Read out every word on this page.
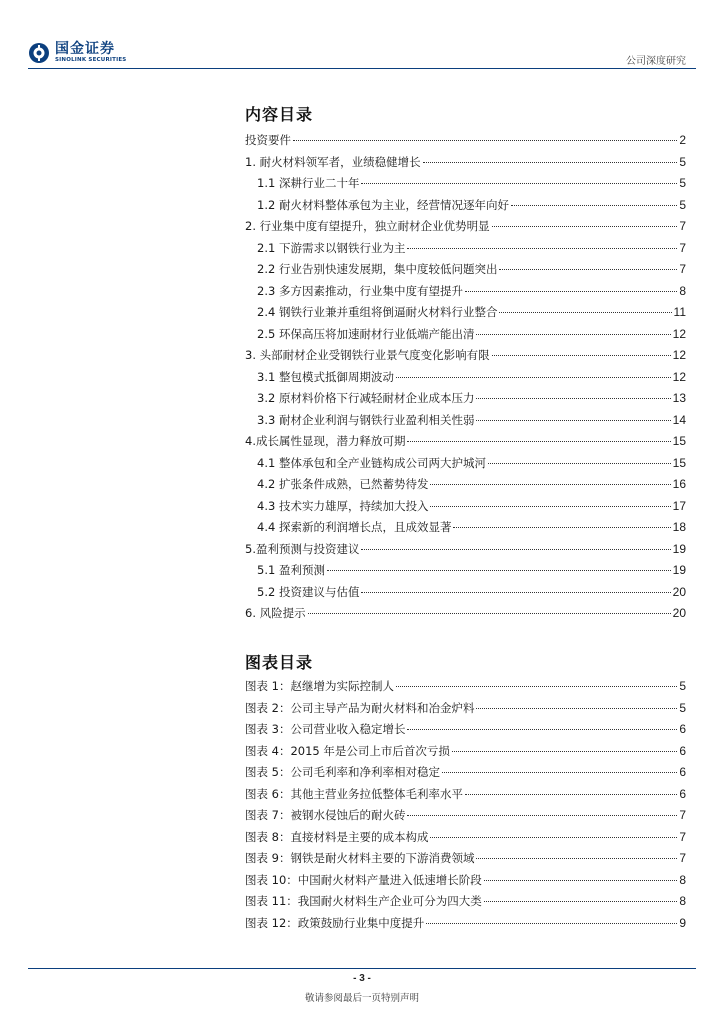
国金证券
SINOLINK SECURITIES	公司深度研究
内容目录
投资要件	2
1. 耐火材料领军者，业绩稳健增长	5
1.1 深耕行业二十年	5
1.2 耐火材料整体承包为主业，经营情况逐年向好	5
2. 行业集中度有望提升，独立耐材企业优势明显	7
2.1 下游需求以钢铁行业为主	7
2.2 行业告别快速发展期，集中度较低问题突出	7
2.3 多方因素推动，行业集中度有望提升	8
2.4 钢铁行业兼并重组将倒逼耐火材料行业整合	11
2.5 环保高压将加速耐材行业低端产能出清	12
3. 头部耐材企业受钢铁行业景气度变化影响有限	12
3.1 整包模式抵御周期波动	12
3.2 原材料价格下行减轻耐材企业成本压力	13
3.3 耐材企业利润与钢铁行业盈利相关性弱	14
4.成长属性显现，潜力释放可期	15
4.1 整体承包和全产业链构成公司两大护城河	15
4.2 扩张条件成熟，已然蓄势待发	16
4.3 技术实力雄厚，持续加大投入	17
4.4 探索新的利润增长点，且成效显著	18
5.盈利预测与投资建议	19
5.1 盈利预测	19
5.2 投资建议与估值	20
6. 风险提示	20
图表目录
图表 1：赵继增为实际控制人	5
图表 2：公司主导产品为耐火材料和冶金炉料	5
图表 3：公司营业收入稳定增长	6
图表 4：2015 年是公司上市后首次亏损	6
图表 5：公司毛利率和净利率相对稳定	6
图表 6：其他主营业务拉低整体毛利率水平	6
图表 7：被钢水侵蚀后的耐火砖	7
图表 8：直接材料是主要的成本构成	7
图表 9：钢铁是耐火材料主要的下游消费领域	7
图表 10：中国耐火材料产量进入低速增长阶段	8
图表 11：我国耐火材料生产企业可分为四大类	8
图表 12：政策鼓励行业集中度提升	9
- 3 -
敬请参阅最后一页特别声明
